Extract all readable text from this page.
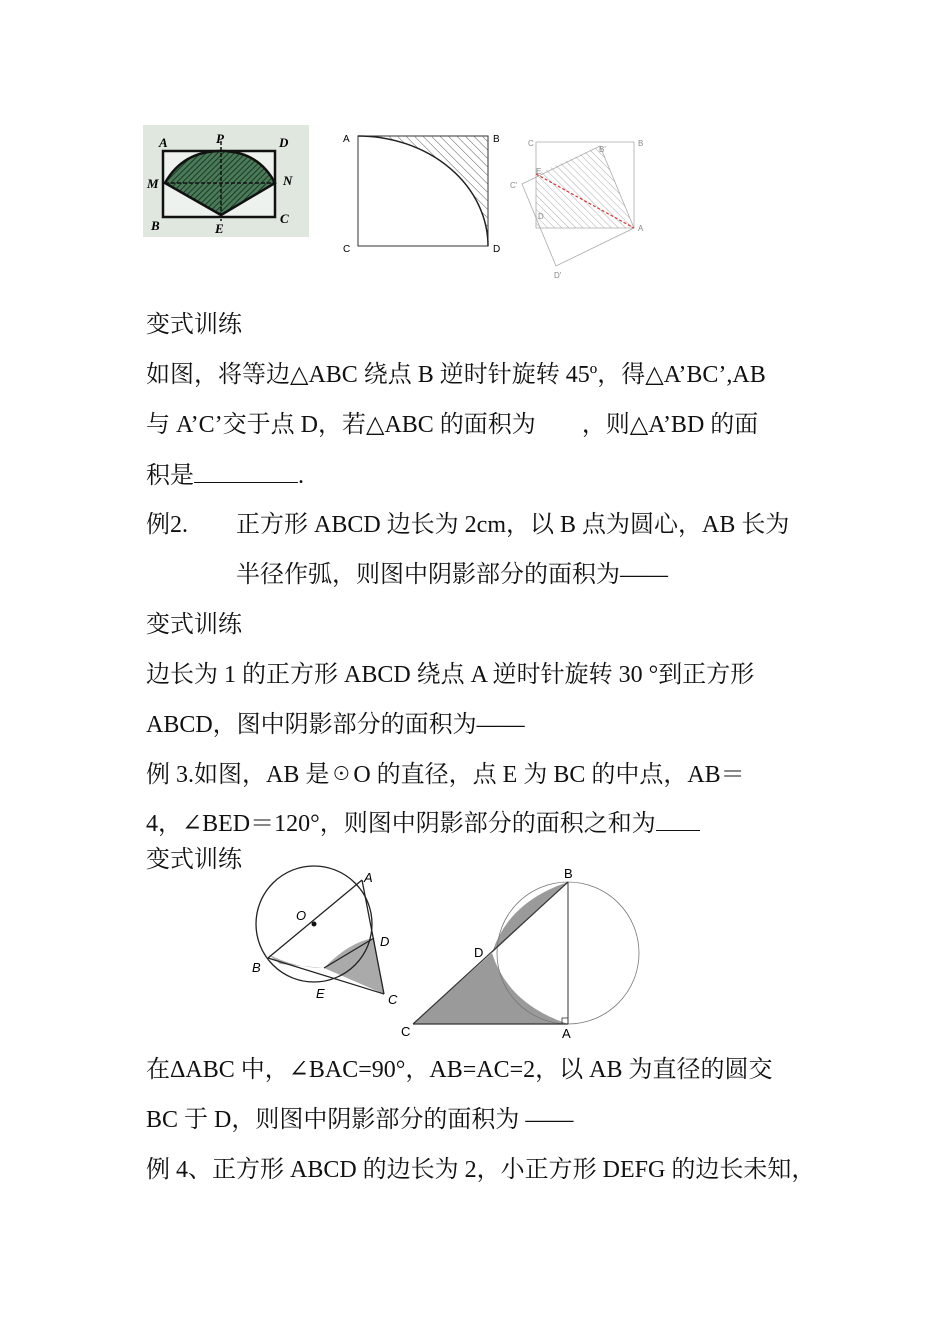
A	P	D
M	N
B	E
C
A	B
C	D
C
B'
B
E
C'
D
A
D'
变式训练
如图，将等边△ABC 绕点 B 逆时针旋转 45º，得△A’BC’,AB
与 A’C’交于点 D，若△ABC 的面积为 ，则△A’BD 的面
积是	.
例2. 正方形 ABCD 边长为 2cm，以 B 点为圆心，AB 长为
半径作弧，则图中阴影部分的面积为——
变式训练
边长为 1 的正方形 ABCD 绕点 A 逆时针旋转 30 °到正方形
ABCD，图中阴影部分的面积为——
例 3.如图，AB 是☉O 的直径，点 E 为 BC 的中点，AB＝
4，∠BED＝120°，则图中阴影部分的面积之和为
变式训练
A
O
D
B
E	C
B
D
C	A
在ΔABC 中，∠BAC=90°，AB=AC=2，以 AB 为直径的圆交
BC 于 D，则图中阴影部分的面积为 ——
例 4、正方形 ABCD 的边长为 2，小正方形 DEFG 的边长未知，
